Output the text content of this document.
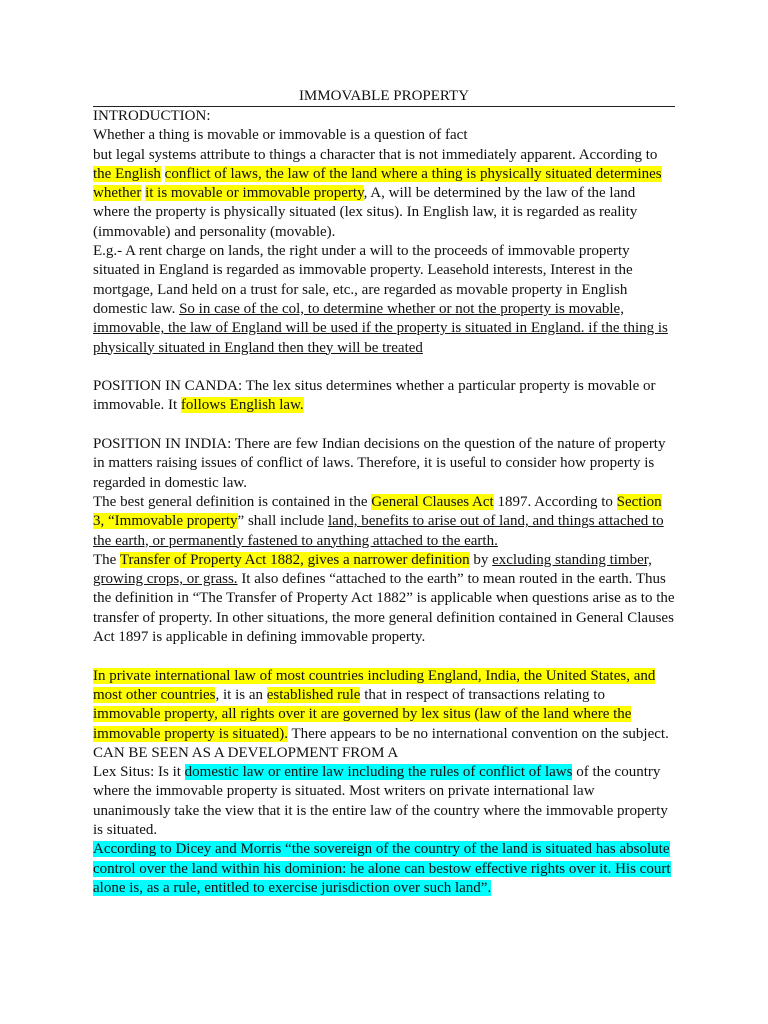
IMMOVABLE PROPERTY

INTRODUCTION:

Whether a thing is movable or immovable is a question of fact
but legal systems attribute to things a character that is not immediately apparent. According to the English conflict of laws, the law of the land where a thing is physically situated determines whether it is movable or immovable property, A, will be determined by the law of the land where the property is physically situated (lex situs). In English law, it is regarded as reality (immovable) and personality (movable).

E.g.- A rent charge on lands, the right under a will to the proceeds of immovable property situated in England is regarded as immovable property. Leasehold interests, Interest in the mortgage, Land held on a trust for sale, etc., are regarded as movable property in English domestic law. So in case of the col, to determine whether or not the property is movable, immovable, the law of England will be used if the property is situated in England. if the thing is physically situated in England then they will be treated

POSITION IN CANDA: The lex situs determines whether a particular property is movable or immovable. It follows English law.

POSITION IN INDIA: There are few Indian decisions on the question of the nature of property in matters raising issues of conflict of laws. Therefore, it is useful to consider how property is regarded in domestic law.

The best general definition is contained in the General Clauses Act 1897. According to Section 3, “Immovable property” shall include land, benefits to arise out of land, and things attached to the earth, or permanently fastened to anything attached to the earth.

The Transfer of Property Act 1882, gives a narrower definition by excluding standing timber, growing crops, or grass. It also defines “attached to the earth” to mean routed in the earth. Thus the definition in “The Transfer of Property Act 1882” is applicable when questions arise as to the transfer of property. In other situations, the more general definition contained in General Clauses Act 1897 is applicable in defining immovable property.

In private international law of most countries including England, India, the United States, and most other countries, it is an established rule that in respect of transactions relating to immovable property, all rights over it are governed by lex situs (law of the land where the immovable property is situated). There appears to be no international convention on the subject. CAN BE SEEN AS A DEVELOPMENT FROM A

Lex Situs: Is it domestic law or entire law including the rules of conflict of laws of the country where the immovable property is situated. Most writers on private international law unanimously take the view that it is the entire law of the country where the immovable property is situated.

According to Dicey and Morris “the sovereign of the country of the land is situated has absolute control over the land within his dominion: he alone can bestow effective rights over it. His court alone is, as a rule, entitled to exercise jurisdiction over such land”.
